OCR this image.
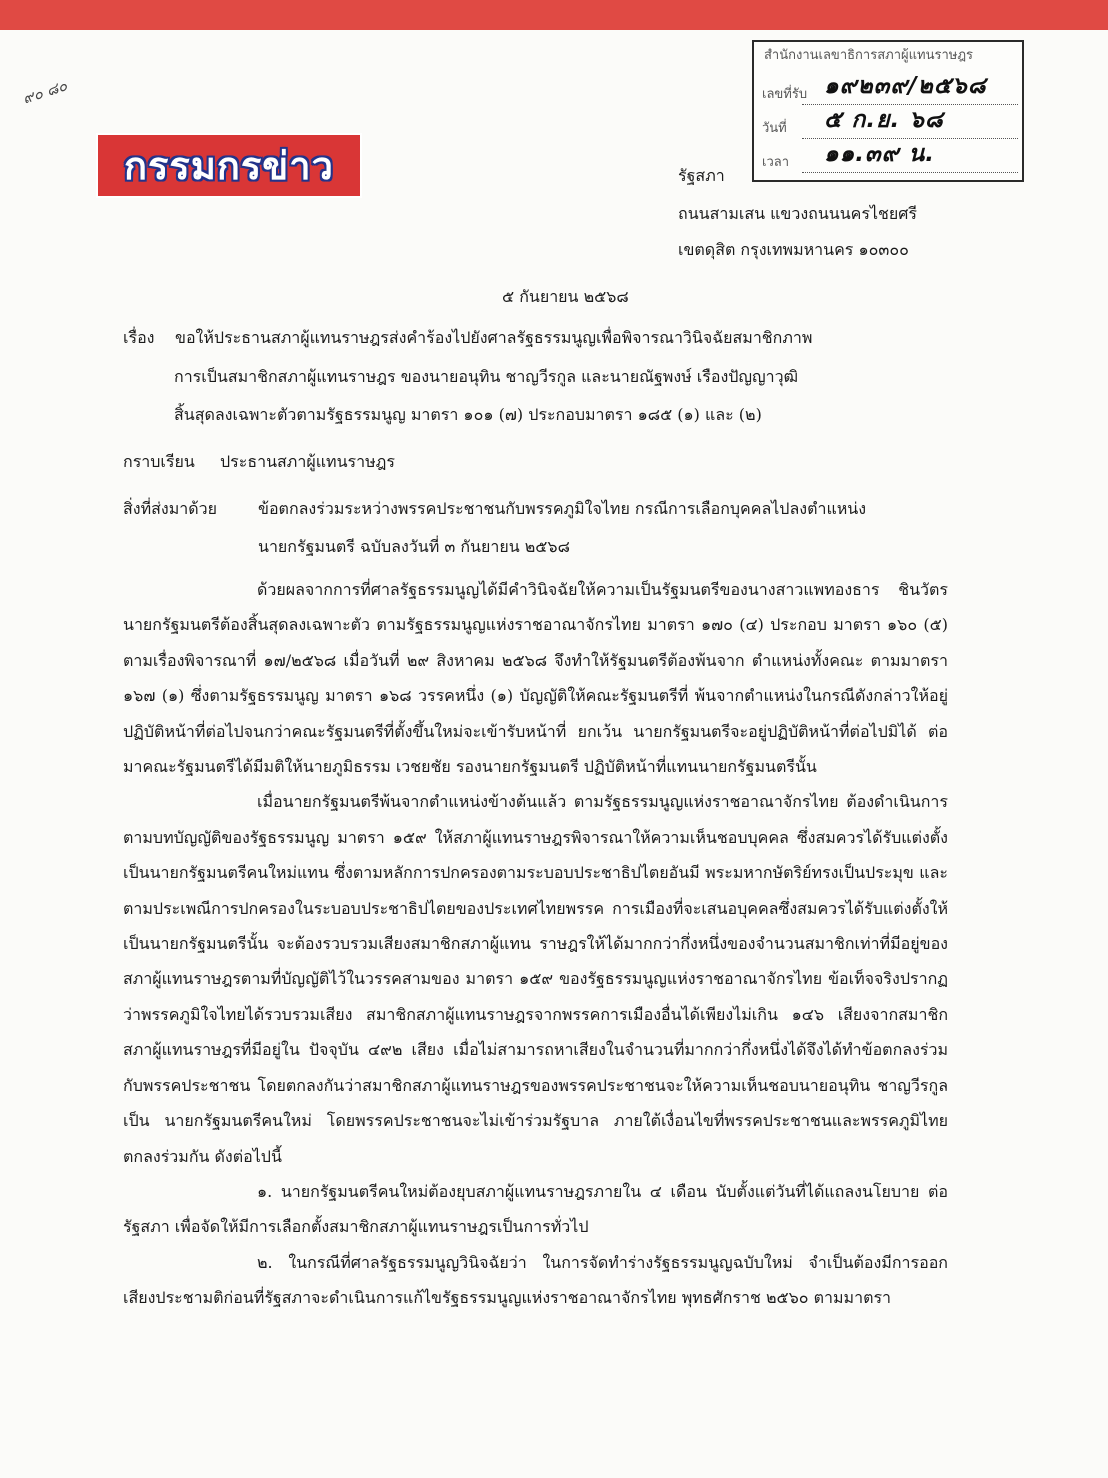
๙๐ ๘๐
กรรมกรข่าว
สำนักงานเลขาธิการสภาผู้แทนราษฎร
เลขที่รับ ๑๙๒๓๙/๒๕๖๘
วันที่ ๕ ก.ย. ๖๘
เวลา ๑๑.๓๙ น.
รัฐสภา
ถนนสามเสน แขวงถนนนครไชยศรี
เขตดุสิต กรุงเทพมหานคร ๑๐๓๐๐
๕ กันยายน ๒๕๖๘
เรื่อง ขอให้ประธานสภาผู้แทนราษฎรส่งคำร้องไปยังศาลรัฐธรรมนูญเพื่อพิจารณาวินิจฉัยสมาชิกภาพ
การเป็นสมาชิกสภาผู้แทนราษฎร ของนายอนุทิน ชาญวีรกูล และนายณัฐพงษ์ เรืองปัญญาวุฒิ
สิ้นสุดลงเฉพาะตัวตามรัฐธรรมนูญ มาตรา ๑๐๑ (๗) ประกอบมาตรา ๑๘๕ (๑) และ (๒)
กราบเรียน ประธานสภาผู้แทนราษฎร
สิ่งที่ส่งมาด้วย	ข้อตกลงร่วมระหว่างพรรคประชาชนกับพรรคภูมิใจไทย กรณีการเลือกบุคคลไปลงตำแหน่ง
นายกรัฐมนตรี ฉบับลงวันที่ ๓ กันยายน ๒๕๖๘

ด้วยผลจากการที่ศาลรัฐธรรมนูญได้มีคำวินิจฉัยให้ความเป็นรัฐมนตรีของนางสาวแพทองธาร ชินวัตร นายกรัฐมนตรีต้องสิ้นสุดลงเฉพาะตัว ตามรัฐธรรมนูญแห่งราชอาณาจักรไทย มาตรา ๑๗๐ (๔) ประกอบ มาตรา ๑๖๐ (๕) ตามเรื่องพิจารณาที่ ๑๗/๒๕๖๘ เมื่อวันที่ ๒๙ สิงหาคม ๒๕๖๘ จึงทำให้รัฐมนตรีต้องพ้นจาก ตำแหน่งทั้งคณะ ตามมาตรา ๑๖๗ (๑) ซึ่งตามรัฐธรรมนูญ มาตรา ๑๖๘ วรรคหนึ่ง (๑) บัญญัติให้คณะรัฐมนตรีที่ พ้นจากตำแหน่งในกรณีดังกล่าวให้อยู่ปฏิบัติหน้าที่ต่อไปจนกว่าคณะรัฐมนตรีที่ตั้งขึ้นใหม่จะเข้ารับหน้าที่ ยกเว้น นายกรัฐมนตรีจะอยู่ปฏิบัติหน้าที่ต่อไปมิได้ ต่อมาคณะรัฐมนตรีได้มีมติให้นายภูมิธรรม เวชยชัย รองนายกรัฐมนตรี ปฏิบัติหน้าที่แทนนายกรัฐมนตรีนั้น

เมื่อนายกรัฐมนตรีพ้นจากตำแหน่งข้างต้นแล้ว ตามรัฐธรรมนูญแห่งราชอาณาจักรไทย ต้องดำเนินการตามบทบัญญัติของรัฐธรรมนูญ มาตรา ๑๕๙ ให้สภาผู้แทนราษฎรพิจารณาให้ความเห็นชอบบุคคล ซึ่งสมควรได้รับแต่งตั้งเป็นนายกรัฐมนตรีคนใหม่แทน ซึ่งตามหลักการปกครองตามระบอบประชาธิปไตยอันมี พระมหากษัตริย์ทรงเป็นประมุข และตามประเพณีการปกครองในระบอบประชาธิปไตยของประเทศไทยพรรค การเมืองที่จะเสนอบุคคลซึ่งสมควรได้รับแต่งตั้งให้เป็นนายกรัฐมนตรีนั้น จะต้องรวบรวมเสียงสมาชิกสภาผู้แทน ราษฎรให้ได้มากกว่ากึ่งหนึ่งของจำนวนสมาชิกเท่าที่มีอยู่ของสภาผู้แทนราษฎรตามที่บัญญัติไว้ในวรรคสามของ มาตรา ๑๕๙ ของรัฐธรรมนูญแห่งราชอาณาจักรไทย ข้อเท็จจริงปรากฏว่าพรรคภูมิใจไทยได้รวบรวมเสียง สมาชิกสภาผู้แทนราษฎรจากพรรคการเมืองอื่นได้เพียงไม่เกิน ๑๔๖ เสียงจากสมาชิกสภาผู้แทนราษฎรที่มีอยู่ใน ปัจจุบัน ๔๙๒ เสียง เมื่อไม่สามารถหาเสียงในจำนวนที่มากกว่ากึ่งหนึ่งได้จึงได้ทำข้อตกลงร่วมกับพรรคประชาชน โดยตกลงกันว่าสมาชิกสภาผู้แทนราษฎรของพรรคประชาชนจะให้ความเห็นชอบนายอนุทิน ชาญวีรกูล เป็น นายกรัฐมนตรีคนใหม่ โดยพรรคประชาชนจะไม่เข้าร่วมรัฐบาล ภายใต้เงื่อนไขที่พรรคประชาชนและพรรคภูมิไทย ตกลงร่วมกัน ดังต่อไปนี้

๑. นายกรัฐมนตรีคนใหม่ต้องยุบสภาผู้แทนราษฎรภายใน ๔ เดือน นับตั้งแต่วันที่ได้แถลงนโยบาย ต่อรัฐสภา เพื่อจัดให้มีการเลือกตั้งสมาชิกสภาผู้แทนราษฎรเป็นการทั่วไป

๒. ในกรณีที่ศาลรัฐธรรมนูญวินิจฉัยว่า ในการจัดทำร่างรัฐธรรมนูญฉบับใหม่ จำเป็นต้องมีการออก เสียงประชามติก่อนที่รัฐสภาจะดำเนินการแก้ไขรัฐธรรมนูญแห่งราชอาณาจักรไทย พุทธศักราช ๒๕๖๐ ตามมาตรา
